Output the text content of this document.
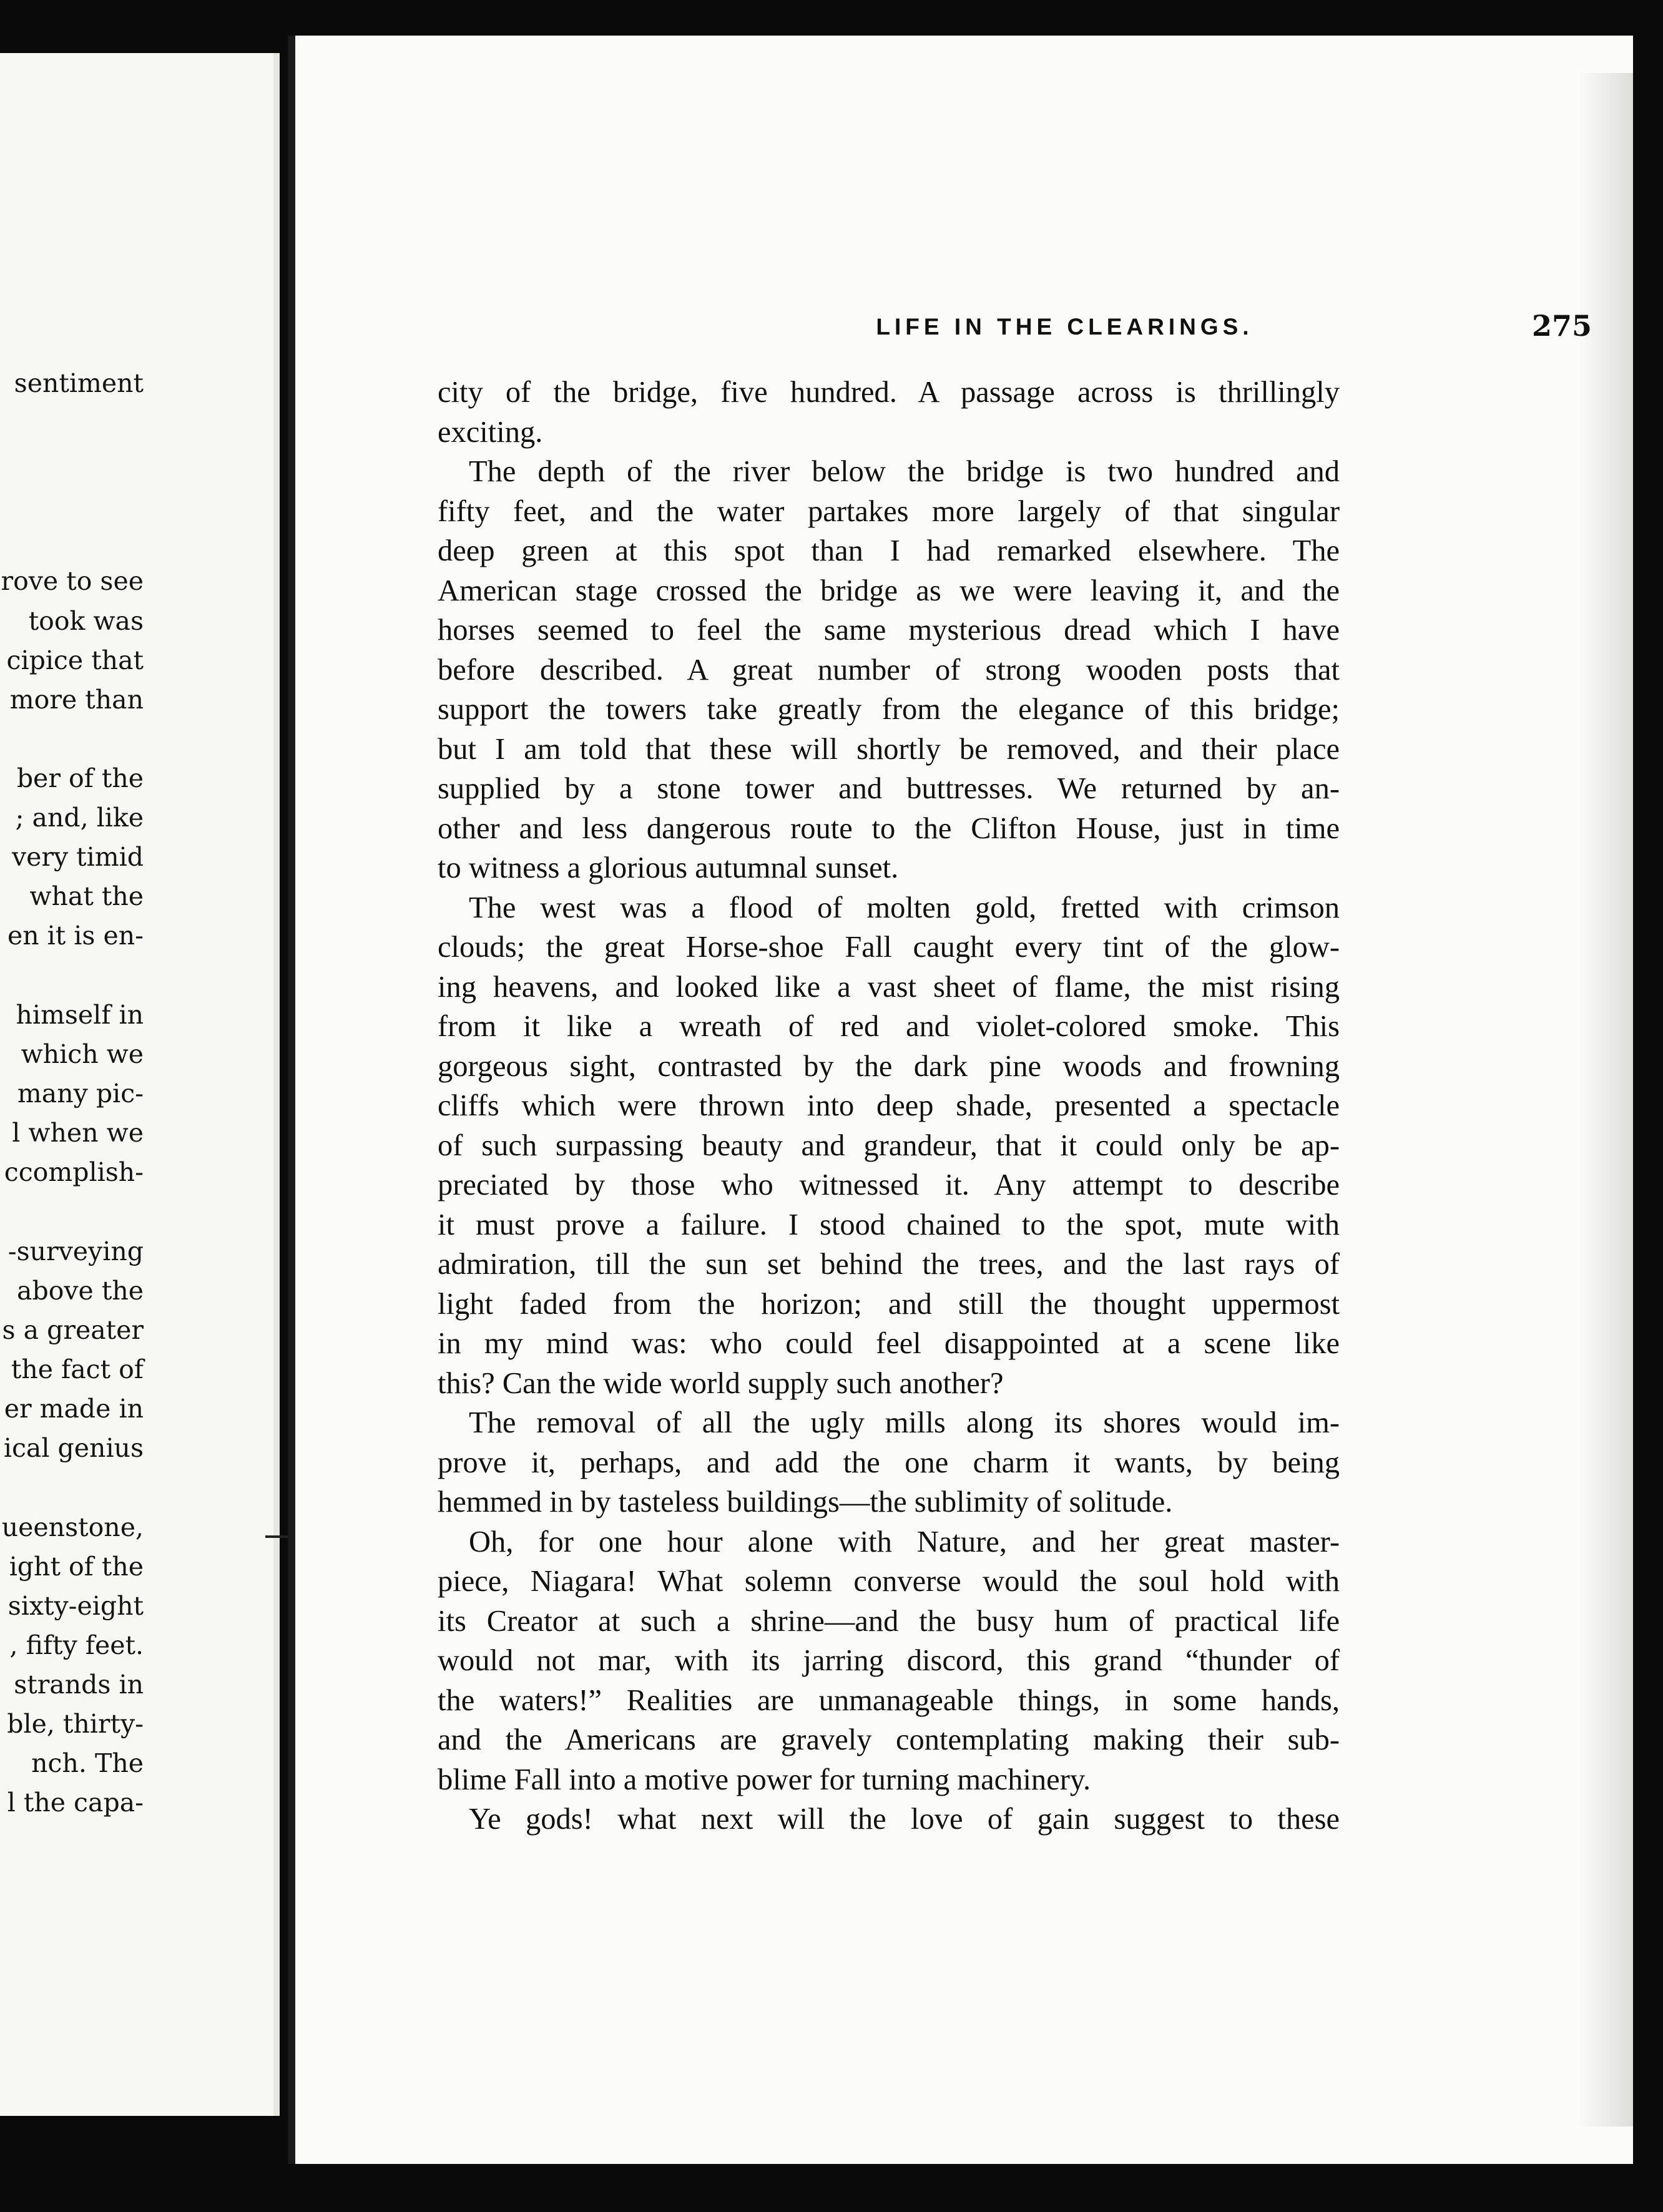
sentiment

rove to see

took was

cipice that

more than

ber of the

; and, like

very timid

what the

en it is en-

himself in

which we

many pic-

l when we

ccomplish-

-surveying

above the

s a greater

the fact of

er made in

ical genius

ueenstone,

ight of the

sixty-eight

, fifty feet.

strands in

ble, thirty-

nch. The

l the capa-

LIFE IN THE CLEARINGS.	275

city of the bridge, five hundred. A passage across is thrillingly

exciting.

The depth of the river below the bridge is two hundred and

fifty feet, and the water partakes more largely of that singular

deep green at this spot than I had remarked elsewhere. The

American stage crossed the bridge as we were leaving it, and the

horses seemed to feel the same mysterious dread which I have

before described. A great number of strong wooden posts that

support the towers take greatly from the elegance of this bridge;

but I am told that these will shortly be removed, and their place

supplied by a stone tower and buttresses. We returned by an-

other and less dangerous route to the Clifton House, just in time

to witness a glorious autumnal sunset.

The west was a flood of molten gold, fretted with crimson

clouds; the great Horse-shoe Fall caught every tint of the glow-

ing heavens, and looked like a vast sheet of flame, the mist rising

from it like a wreath of red and violet-colored smoke. This

gorgeous sight, contrasted by the dark pine woods and frowning

cliffs which were thrown into deep shade, presented a spectacle

of such surpassing beauty and grandeur, that it could only be ap-

preciated by those who witnessed it. Any attempt to describe

it must prove a failure. I stood chained to the spot, mute with

admiration, till the sun set behind the trees, and the last rays of

light faded from the horizon; and still the thought uppermost

in my mind was: who could feel disappointed at a scene like

this? Can the wide world supply such another?

The removal of all the ugly mills along its shores would im-

prove it, perhaps, and add the one charm it wants, by being

hemmed in by tasteless buildings—the sublimity of solitude.

Oh, for one hour alone with Nature, and her great master-

piece, Niagara! What solemn converse would the soul hold with

its Creator at such a shrine—and the busy hum of practical life

would not mar, with its jarring discord, this grand “thunder of

the waters!” Realities are unmanageable things, in some hands,

and the Americans are gravely contemplating making their sub-

blime Fall into a motive power for turning machinery.

Ye gods! what next will the love of gain suggest to these
